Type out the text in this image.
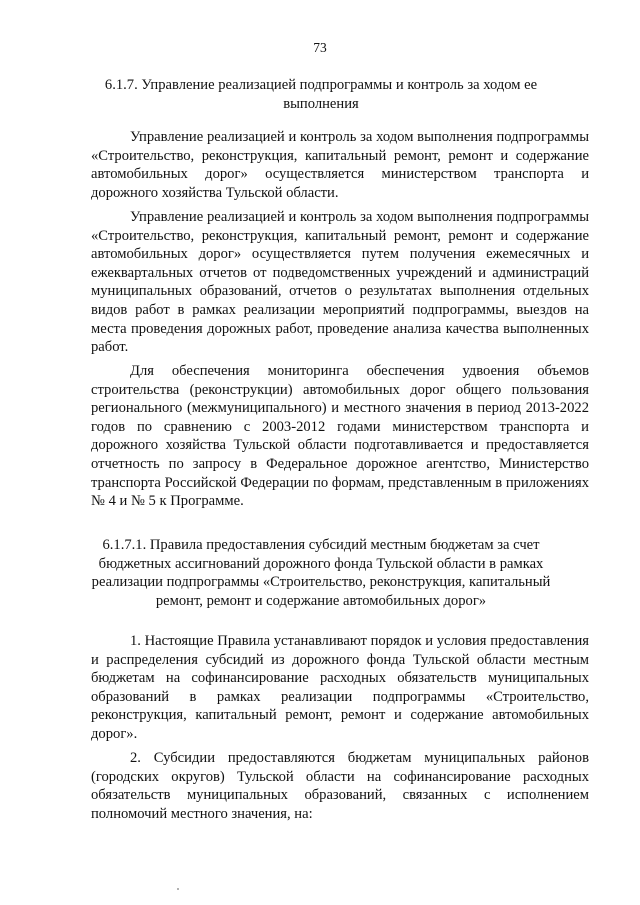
73
6.1.7. Управление реализацией подпрограммы и контроль за ходом ее выполнения

Управление реализацией и контроль за ходом выполнения подпрограммы «Строительство, реконструкция, капитальный ремонт, ремонт и содержание автомобильных дорог» осуществляется министерством транспорта и дорожного хозяйства Тульской области.

Управление реализацией и контроль за ходом выполнения подпрограммы «Строительство, реконструкция, капитальный ремонт, ремонт и содержание автомобильных дорог» осуществляется путем получения ежемесячных и ежеквартальных отчетов от подведомственных учреждений и администраций муниципальных образований, отчетов о результатах выполнения отдельных видов работ в рамках реализации мероприятий подпрограммы, выездов на места проведения дорожных работ, проведение анализа качества выполненных работ.

Для обеспечения мониторинга обеспечения удвоения объемов строительства (реконструкции) автомобильных дорог общего пользования регионального (межмуниципального) и местного значения в период 2013-2022 годов по сравнению с 2003-2012 годами министерством транспорта и дорожного хозяйства Тульской области подготавливается и предоставляется отчетность по запросу в Федеральное дорожное агентство, Министерство транспорта Российской Федерации по формам, представленным в приложениях № 4 и № 5 к Программе.

6.1.7.1. Правила предоставления субсидий местным бюджетам за счет бюджетных ассигнований дорожного фонда Тульской области в рамках реализации подпрограммы «Строительство, реконструкция, капитальный ремонт, ремонт и содержание автомобильных дорог»

1. Настоящие Правила устанавливают порядок и условия предоставления и распределения субсидий из дорожного фонда Тульской области местным бюджетам на софинансирование расходных обязательств муниципальных образований в рамках реализации подпрограммы «Строительство, реконструкция, капитальный ремонт, ремонт и содержание автомобильных дорог».

2. Субсидии предоставляются бюджетам муниципальных районов (городских округов) Тульской области на софинансирование расходных обязательств муниципальных образований, связанных с исполнением полномочий местного значения, на:
